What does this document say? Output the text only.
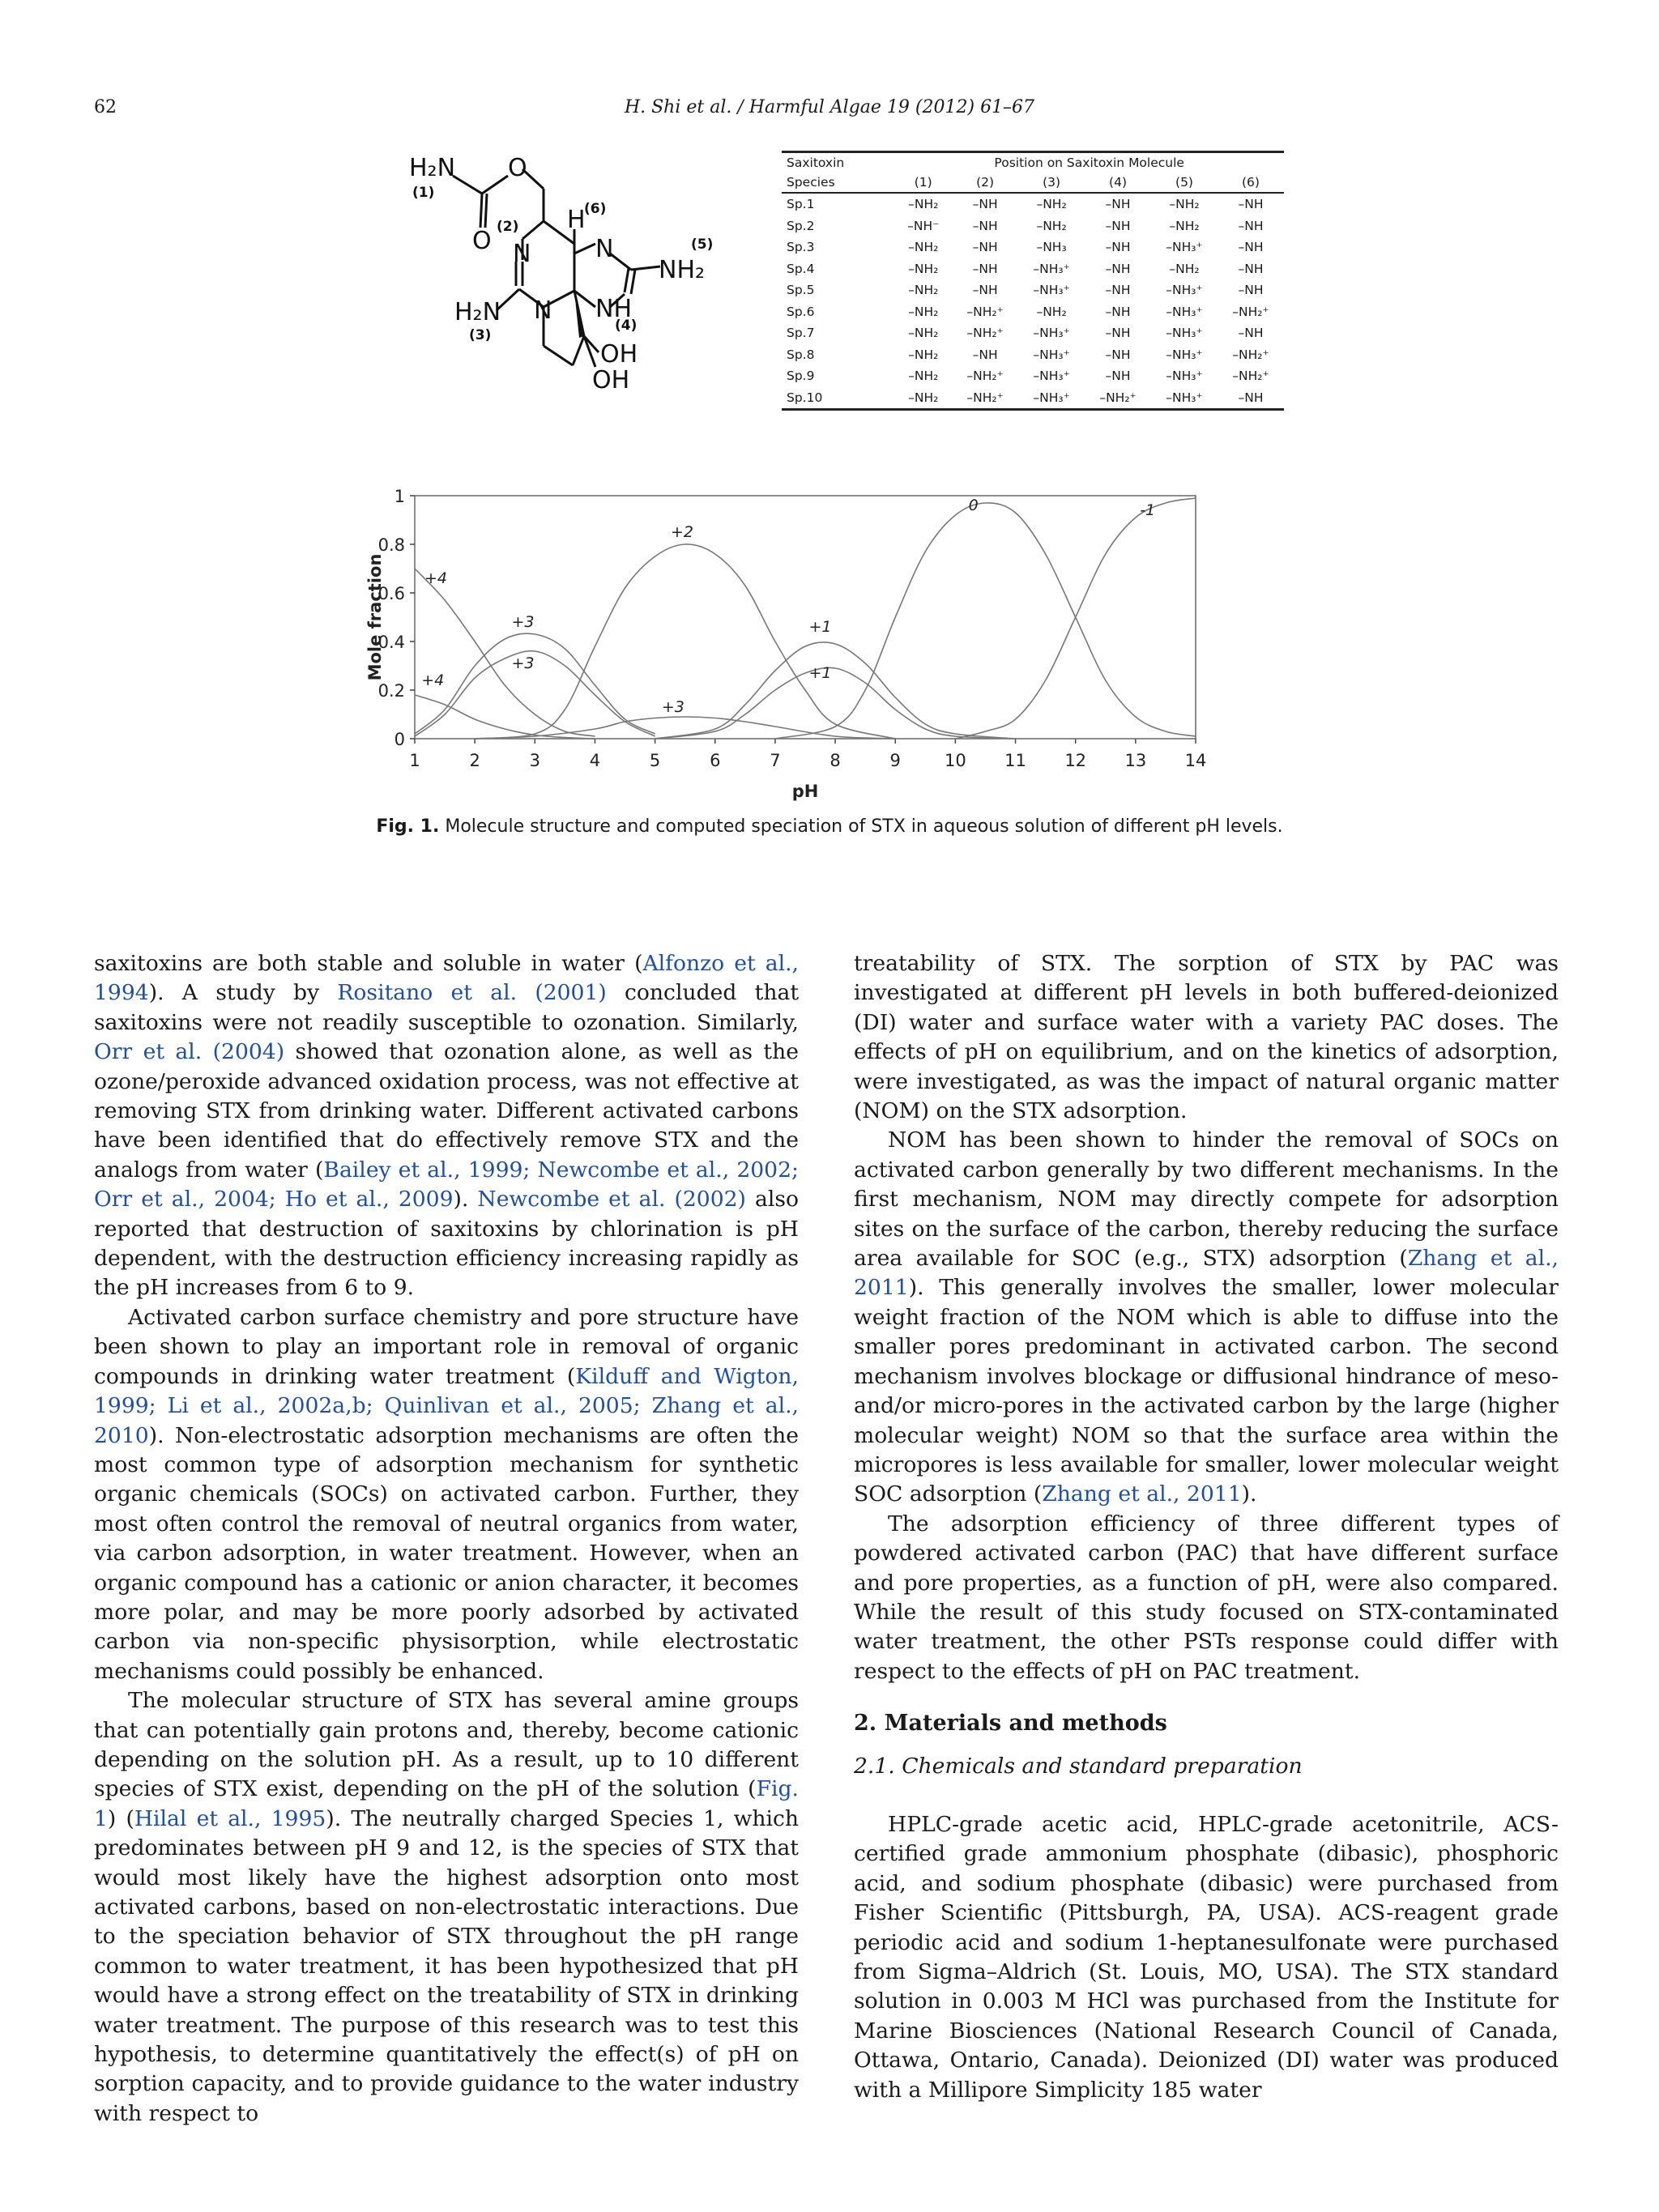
62	H. Shi et al. / Harmful Algae 19 (2012) 61–67
H₂N O
O
H
N	N
NH₂
NH
H₂N N
OH
OH
(1)
(2)
(3)
(4)
(5)
(6)
Saxitoxin	Position on Saxitoxin Molecule					
Species	(1)	(2)	(3)	(4)	(5)	(6)
Sp.1	–NH₂	–NH	–NH₂	–NH	–NH₂	–NH
Sp.2	–NH⁻	–NH	–NH₂	–NH	–NH₂	–NH
Sp.3	–NH₂	–NH	–NH₃	–NH	–NH₃⁺	–NH
Sp.4	–NH₂	–NH	–NH₃⁺	–NH	–NH₂	–NH
Sp.5	–NH₂	–NH	–NH₃⁺	–NH	–NH₃⁺	–NH
Sp.6	–NH₂	–NH₂⁺	–NH₂	–NH	–NH₃⁺	–NH₂⁺
Sp.7	–NH₂	–NH₂⁺	–NH₃⁺	–NH	–NH₃⁺	–NH
Sp.8	–NH₂	–NH	–NH₃⁺	–NH	–NH₃⁺	–NH₂⁺
Sp.9	–NH₂	–NH₂⁺	–NH₃⁺	–NH	–NH₃⁺	–NH₂⁺
Sp.10	–NH₂	–NH₂⁺	–NH₃⁺	–NH₂⁺	–NH₃⁺	–NH
0
0.2
0.4
0.6
0.8
1
1	2	3	4	5	6	7	8	9	10 11 12 13 14
pH
Mole fraction	+4
+4
+3
+3
+3
+2
+1
+1
0	-1
Fig. 1. Molecule structure and computed speciation of STX in aqueous solution of different pH levels.

saxitoxins are both stable and soluble in water (Alfonzo et al., 1994). A study by Rositano et al. (2001) concluded that saxitoxins were not readily susceptible to ozonation. Similarly, Orr et al. (2004) showed that ozonation alone, as well as the ozone/peroxide advanced oxidation process, was not effective at removing STX from drinking water. Different activated carbons have been identified that do effectively remove STX and the analogs from water (Bailey et al., 1999; Newcombe et al., 2002; Orr et al., 2004; Ho et al., 2009). Newcombe et al. (2002) also reported that destruction of saxitoxins by chlorination is pH dependent, with the destruction efficiency increasing rapidly as the pH increases from 6 to 9.

Activated carbon surface chemistry and pore structure have been shown to play an important role in removal of organic compounds in drinking water treatment (Kilduff and Wigton, 1999; Li et al., 2002a,b; Quinlivan et al., 2005; Zhang et al., 2010). Non-electrostatic adsorption mechanisms are often the most common type of adsorption mechanism for synthetic organic chemicals (SOCs) on activated carbon. Further, they most often control the removal of neutral organics from water, via carbon adsorption, in water treatment. However, when an organic compound has a cationic or anion character, it becomes more polar, and may be more poorly adsorbed by activated carbon via non-specific physisorption, while electrostatic mechanisms could possibly be enhanced.

The molecular structure of STX has several amine groups that can potentially gain protons and, thereby, become cationic depending on the solution pH. As a result, up to 10 different species of STX exist, depending on the pH of the solution (Fig. 1) (Hilal et al., 1995). The neutrally charged Species 1, which predominates between pH 9 and 12, is the species of STX that would most likely have the highest adsorption onto most activated carbons, based on non-electrostatic interactions. Due to the speciation behavior of STX throughout the pH range common to water treatment, it has been hypothesized that pH would have a strong effect on the treatability of STX in drinking water treatment. The purpose of this research was to test this hypothesis, to determine quantitatively the effect(s) of pH on sorption capacity, and to provide guidance to the water industry with respect to

treatability of STX. The sorption of STX by PAC was investigated at different pH levels in both buffered-deionized (DI) water and surface water with a variety PAC doses. The effects of pH on equilibrium, and on the kinetics of adsorption, were investigated, as was the impact of natural organic matter (NOM) on the STX adsorption.

NOM has been shown to hinder the removal of SOCs on activated carbon generally by two different mechanisms. In the first mechanism, NOM may directly compete for adsorption sites on the surface of the carbon, thereby reducing the surface area available for SOC (e.g., STX) adsorption (Zhang et al., 2011). This generally involves the smaller, lower molecular weight fraction of the NOM which is able to diffuse into the smaller pores predominant in activated carbon. The second mechanism involves blockage or diffusional hindrance of meso- and/or micro-pores in the activated carbon by the large (higher molecular weight) NOM so that the surface area within the micropores is less available for smaller, lower molecular weight SOC adsorption (Zhang et al., 2011).

The adsorption efficiency of three different types of powdered activated carbon (PAC) that have different surface and pore properties, as a function of pH, were also compared. While the result of this study focused on STX-contaminated water treatment, the other PSTs response could differ with respect to the effects of pH on PAC treatment.

2. Materials and methods

2.1. Chemicals and standard preparation

HPLC-grade acetic acid, HPLC-grade acetonitrile, ACS-certified grade ammonium phosphate (dibasic), phosphoric acid, and sodium phosphate (dibasic) were purchased from Fisher Scientific (Pittsburgh, PA, USA). ACS-reagent grade periodic acid and sodium 1-heptanesulfonate were purchased from Sigma–Aldrich (St. Louis, MO, USA). The STX standard solution in 0.003 M HCl was purchased from the Institute for Marine Biosciences (National Research Council of Canada, Ottawa, Ontario, Canada). Deionized (DI) water was produced with a Millipore Simplicity 185 water
